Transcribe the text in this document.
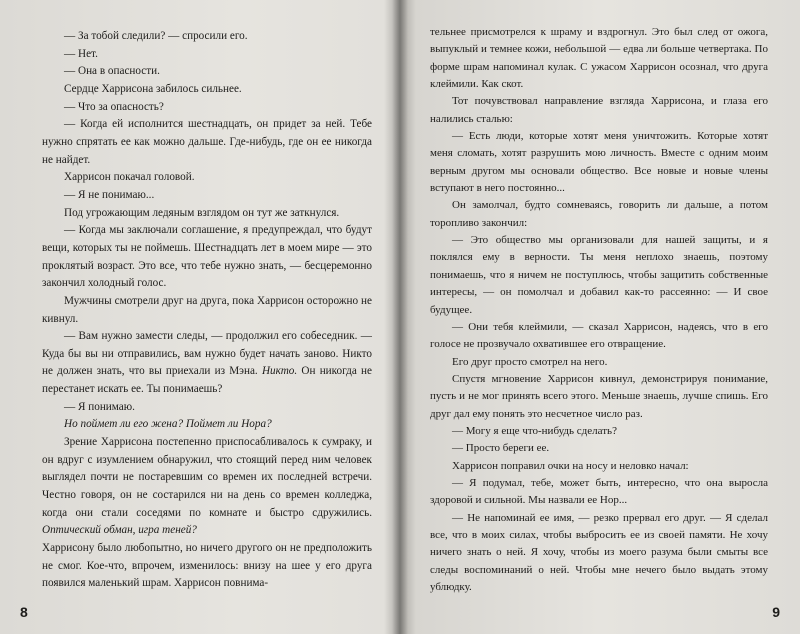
— За тобой следили? — спросили его.

— Нет.

— Она в опасности.

Сердце Харрисона забилось сильнее.

— Что за опасность?

— Когда ей исполнится шестнадцать, он придет за ней. Тебе нужно спрятать ее как можно дальше. Где-нибудь, где он ее никогда не найдет.

Харрисон покачал головой.

— Я не понимаю...

Под угрожающим ледяным взглядом он тут же заткнулся.

— Когда мы заключали соглашение, я предупреждал, что будут вещи, которых ты не поймешь. Шестнадцать лет в моем мире — это проклятый возраст. Это все, что тебе нужно знать, — бесцеремонно закончил холодный голос.

Мужчины смотрели друг на друга, пока Харрисон осторожно не кивнул.

— Вам нужно замести следы, — продолжил его собеседник. — Куда бы вы ни отправились, вам нужно будет начать заново. Никто не должен знать, что вы приехали из Мэна. Никто. Он никогда не перестанет искать ее. Ты понимаешь?

— Я понимаю.

Но поймет ли его жена? Поймет ли Нора?

Зрение Харрисона постепенно приспосабливалось к сумраку, и он вдруг с изумлением обнаружил, что стоящий перед ним человек выглядел почти не постаревшим со времен их последней встречи. Честно говоря, он не состарился ни на день со времен колледжа, когда они стали соседями по комнате и быстро сдружились. Оптический обман, игра теней?

Харрисону было любопытно, но ничего другого он не предположить не смог. Кое-что, впрочем, изменилось: внизу на шее у его друга появился маленький шрам. Харрисон повнима-

8

тельнее присмотрелся к шраму и вздрогнул. Это был след от ожога, выпуклый и темнее кожи, небольшой — едва ли больше четвертака. По форме шрам напоминал кулак. С ужасом Харрисон осознал, что друга клеймили. Как скот.

Тот почувствовал направление взгляда Харрисона, и глаза его налились сталью:

— Есть люди, которые хотят меня уничтожить. Которые хотят меня сломать, хотят разрушить мою личность. Вместе с одним моим верным другом мы основали общество. Все новые и новые члены вступают в него постоянно...

Он замолчал, будто сомневаясь, говорить ли дальше, а потом торопливо закончил:

— Это общество мы организовали для нашей защиты, и я поклялся ему в верности. Ты меня неплохо знаешь, поэтому понимаешь, что я ничем не поступлюсь, чтобы защитить собственные интересы, — он помолчал и добавил как-то рассеянно: — И свое будущее.

— Они тебя клеймили, — сказал Харрисон, надеясь, что в его голосе не прозвучало охватившее его отвращение.

Его друг просто смотрел на него.

Спустя мгновение Харрисон кивнул, демонстрируя понимание, пусть и не мог принять всего этого. Меньше знаешь, лучше спишь. Его друг дал ему понять это несчетное число раз.

— Могу я еще что-нибудь сделать?

— Просто береги ее.

Харрисон поправил очки на носу и неловко начал:

— Я подумал, тебе, может быть, интересно, что она выросла здоровой и сильной. Мы назвали ее Нор...

— Не напоминай ее имя, — резко прервал его друг. — Я сделал все, что в моих силах, чтобы выбросить ее из своей памяти. Не хочу ничего знать о ней. Я хочу, чтобы из моего разума были смыты все следы воспоминаний о ней. Чтобы мне нечего было выдать этому ублюдку.

9
